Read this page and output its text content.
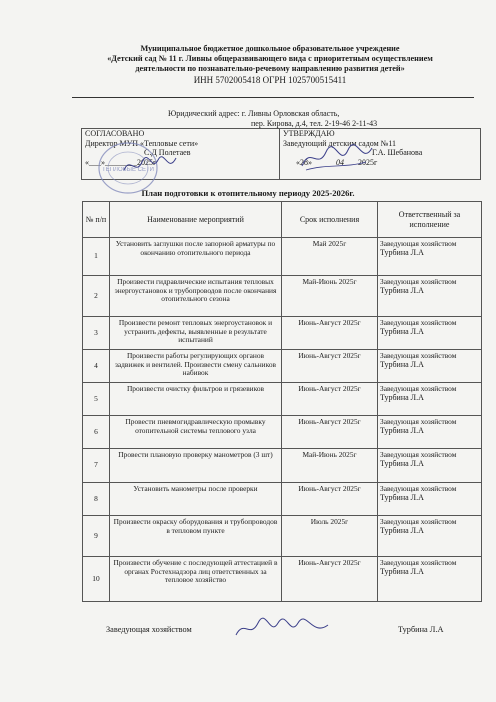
Муниципальное бюджетное дошкольное образовательное учреждение
«Детский сад № 11 г. Ливны общеразвивающего вида с приоритетным осуществлением
деятельности по познавательно-речевому направлению развития детей»
ИНН 5702005418 ОГРН 1025700515411
Юридический адрес: г. Ливны Орловская область,
пер. Кирова, д.4, тел. 2-19-46 2-11-43
СОГЛАСОВАНО
Директор МУП «Тепловые сети»
С.Д Полетаев
«___»________2025г
УТВЕРЖДАЮ
Заведующий детским садом №11
Г.А. Шебанова
«28»	04 2025г
ТЕПЛОВЫЕ СЕТИ
План подготовки к отопительному периоду 2025-2026г.
№ п/п	Наименование мероприятий	Срок исполнения	Ответственный за исполнение
1	Установить заглушки после запорной арматуры по окончанию отопительного периода	Май 2025г	Заведующая хозяйством
Турбина Л.А

2	Произвести гидравлические испытания тепловых энергоустановок и трубопроводов после окончания отопительного сезона	Май-Июнь 2025г	Заведующая хозяйством
Турбина Л.А

3	Произвести ремонт тепловых энергоустановок и устранить дефекты, выявленные в результате испытаний	Июнь-Август 2025г	Заведующая хозяйством
Турбина Л.А

4	Произвести работы регулирующих органов задвижек и вентилей. Произвести смену сальников набивок	Июнь-Август 2025г	Заведующая хозяйством
Турбина Л.А

5	Произвести очистку фильтров и грязевиков	Июнь-Август 2025г	Заведующая хозяйством
Турбина Л.А

6	Провести пневмогидравлическую промывку отопительной системы теплового узла	Июнь-Август 2025г	Заведующая хозяйством
Турбина Л.А

7	Провести плановую проверку манометров (3 шт)	Май-Июнь 2025г	Заведующая хозяйством
Турбина Л.А

8	Установить манометры после проверки	Июнь-Август 2025г	Заведующая хозяйством
Турбина Л.А

9	Произвести окраску оборудования и трубопроводов в тепловом пункте	Июль 2025г	Заведующая хозяйством
Турбина Л.А

10	Произвести обучение с последующей аттестацией в органах Ростехнадзора лиц ответственных за тепловое хозяйство	Июнь-Август 2025г	Заведующая хозяйством
Турбина Л.А
Заведующая хозяйством	Турбина Л.А
